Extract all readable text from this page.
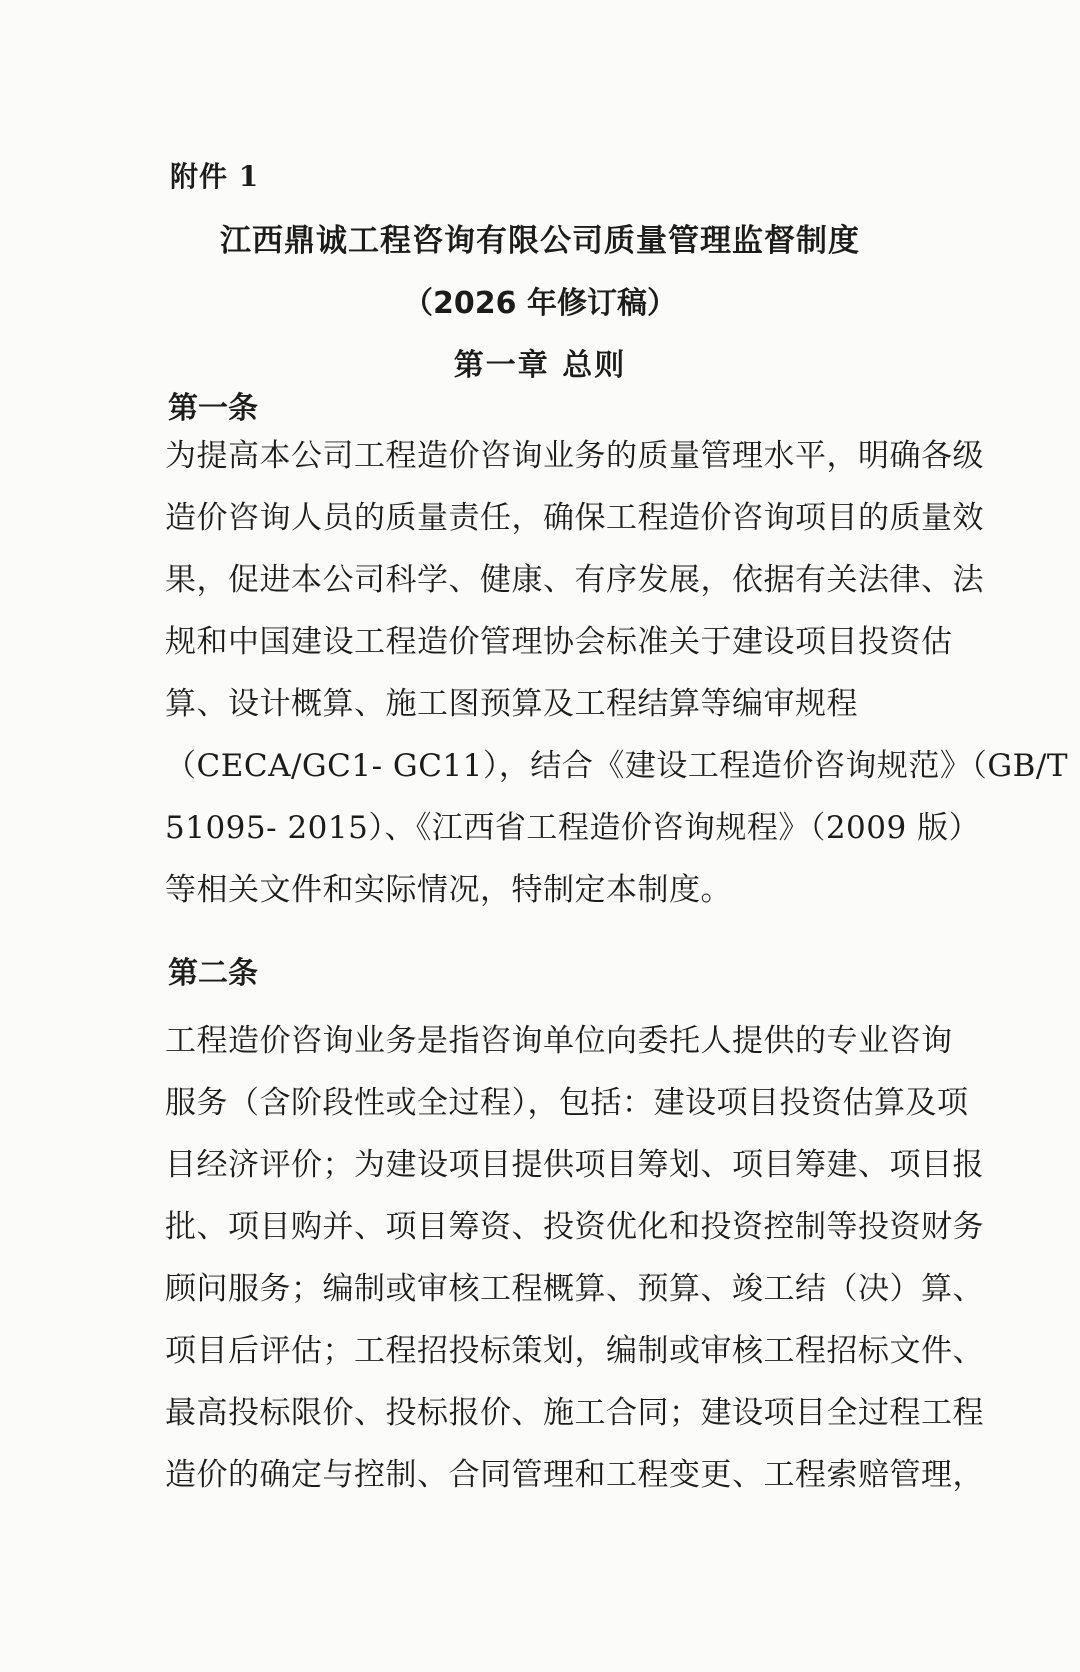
附件 1
江西鼎诚工程咨询有限公司质量管理监督制度
（2026 年修订稿）
第一章 总则
第一条
为提高本公司工程造价咨询业务的质量管理水平，明确各级
造价咨询人员的质量责任，确保工程造价咨询项目的质量效
果，促进本公司科学、健康、有序发展，依据有关法律、法
规和中国建设工程造价管理协会标准关于建设项目投资估
算、设计概算、施工图预算及工程结算等编审规程
（CECA/GC1- GC11），结合《建设工程造价咨询规范》（GB/T
51095- 2015）、《江西省工程造价咨询规程》（2009 版）
等相关文件和实际情况，特制定本制度。
第二条
工程造价咨询业务是指咨询单位向委托人提供的专业咨询
服务（含阶段性或全过程），包括：建设项目投资估算及项
目经济评价；为建设项目提供项目筹划、项目筹建、项目报
批、项目购并、项目筹资、投资优化和投资控制等投资财务
顾问服务；编制或审核工程概算、预算、竣工结（决）算、
项目后评估；工程招投标策划，编制或审核工程招标文件、
最高投标限价、投标报价、施工合同；建设项目全过程工程
造价的确定与控制、合同管理和工程变更、工程索赔管理，
